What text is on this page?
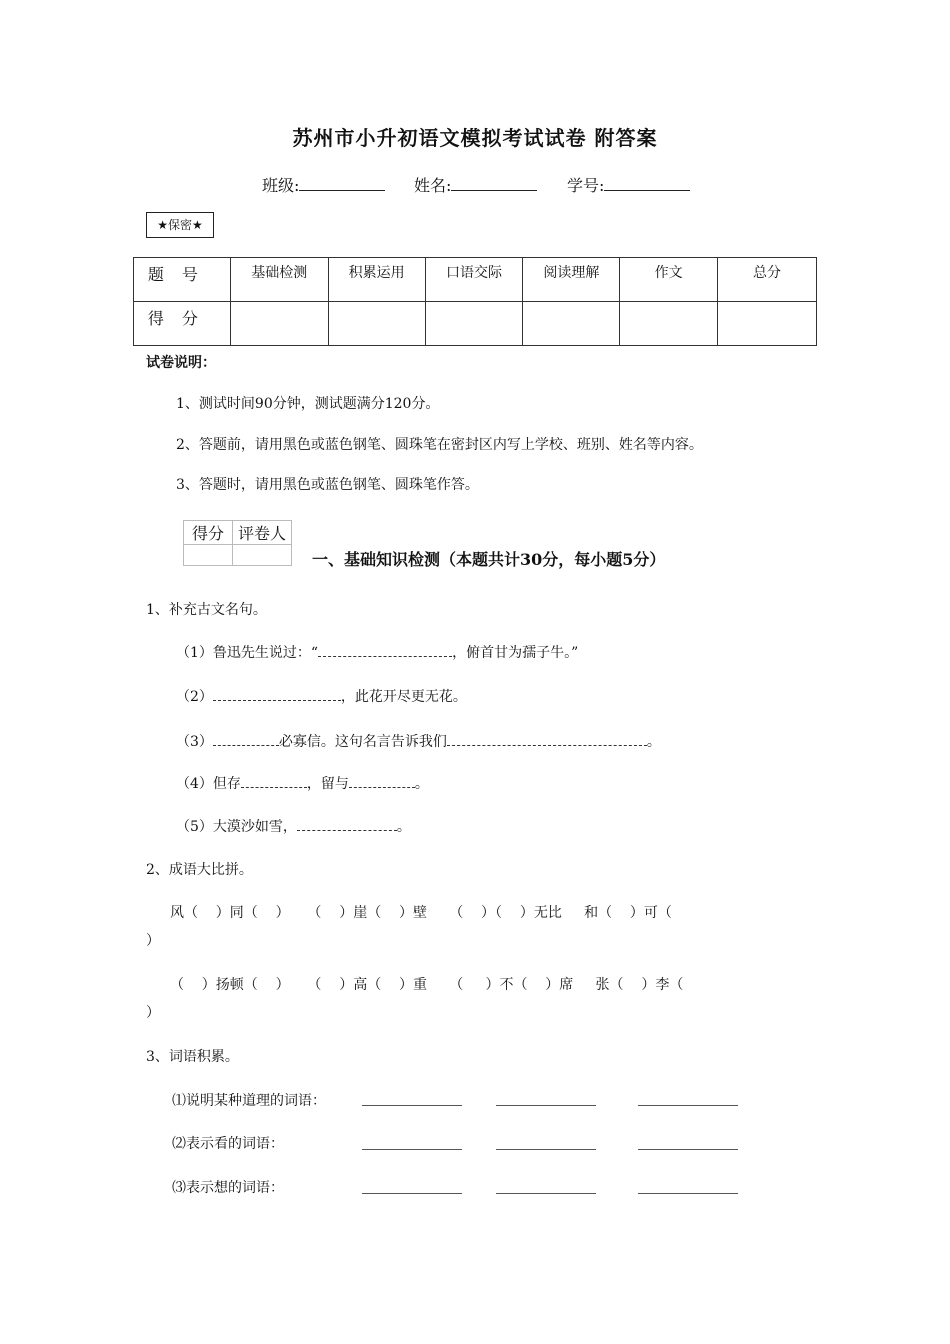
苏州市小升初语文模拟考试试卷 附答案
班级:	姓名:	学号:
★保密★
题号	基础检测	积累运用	口语交际	阅读理解	作文	总分
得分						
试卷说明：
1、测试时间90分钟，测试题满分120分。
2、答题前，请用黑色或蓝色钢笔、圆珠笔在密封区内写上学校、班别、姓名等内容。
3、答题时，请用黑色或蓝色钢笔、圆珠笔作答。
得分	评卷人

一、基础知识检测（本题共计30分，每小题5分）
1、补充古文名句。
（1）鲁迅先生说过：“	，俯首甘为孺子牛。”
（2）	，此花开尽更无花。
（3）	必寡信。这句名言告诉我们	。
（4）但存	，留与	。
（5）大漠沙如雪，	。
2、成语大比拼。
风（    ）同（    ）    （    ）崖（    ）壁     （    ）（    ）无比     和（    ）可（
）
（    ）扬顿（    ）    （    ）高（    ）重     （     ）不（    ）席     张（    ）李（
）
3、词语积累。
⑴说明某种道理的词语：
⑵表示看的词语：
⑶表示想的词语：
